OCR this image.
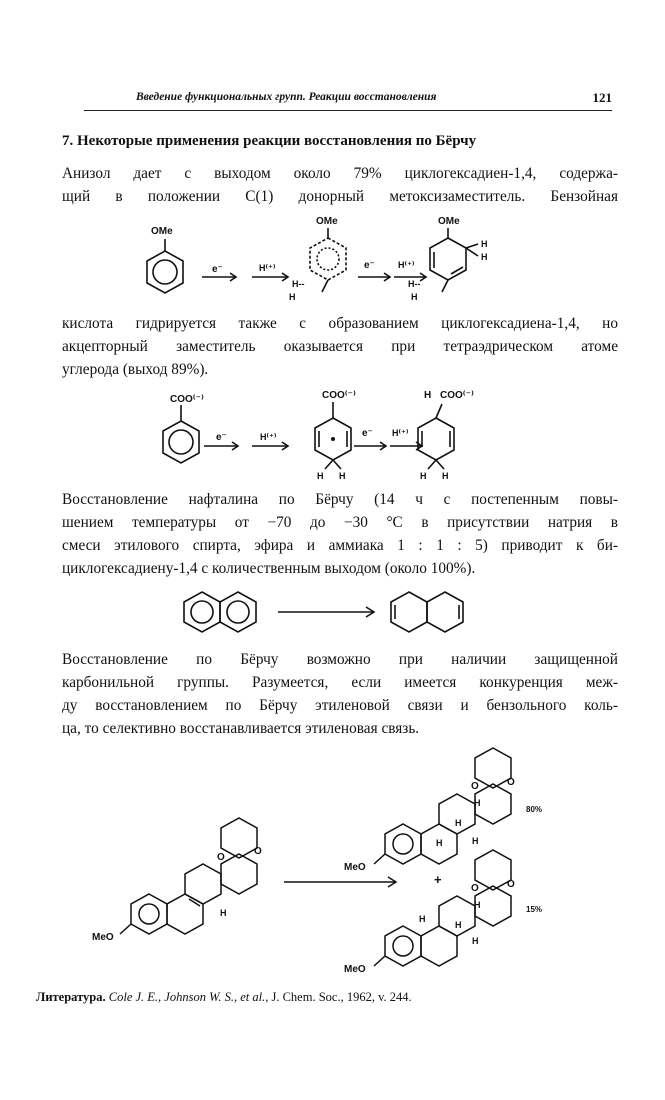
Введение функциональных групп. Реакции восстановления	121
7. Некоторые применения реакции восстановления по Бёрчу
Анизол дает с выходом около 79% циклогексадиен-1,4, содержа-
щий в положении C(1) донорный метоксизаместитель. Бензойная
OMe
e⁻	H⁽⁺⁾
OMe
H--
H
e⁻	H⁽⁺⁾
OMe
H
H
H--
H
кислота гидрируется также с образованием циклогексадиена-1,4, но
акцепторный заместитель оказывается при тетраэдрическом атоме
углерода (выход 89%).
COO⁽⁻⁾
e⁻	H⁽⁺⁾
COO⁽⁻⁾
H H
e⁻ H⁽⁺⁾
H COO⁽⁻⁾
H H
Восстановление нафталина по Бёрчу (14 ч с постепенным повы-
шением температуры от −70 до −30 °C в присутствии натрия в
смеси этилового спирта, эфира и аммиака 1 : 1 : 5) приводит к би-
циклогексадиену-1,4 с количественным выходом (около 100%).
Восстановление по Бёрчу возможно при наличии защищенной
карбонильной группы. Разумеется, если имеется конкуренция меж-
ду восстановлением по Бёрчу этиленовой связи и бензольного коль-
ца, то селективно восстанавливается этиленовая связь.
MeO
O
O
H
MeO
O	O
H
H
H	H
80%
+
MeO
O	O
H
H
H
H
15%
Литература. Cole J. E., Johnson W. S., et al., J. Chem. Soc., 1962, v. 244.
